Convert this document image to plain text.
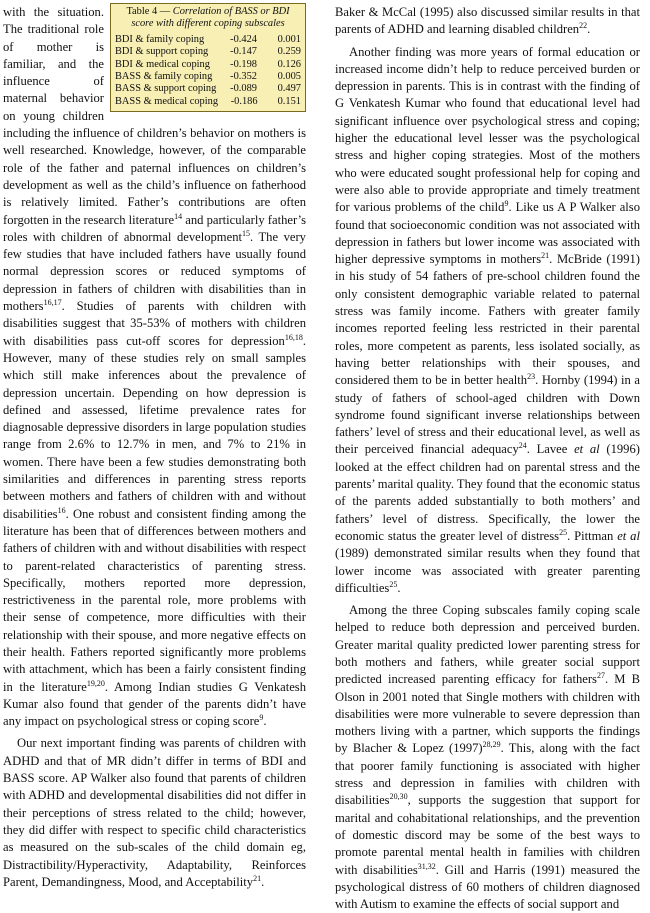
Table 4 — Correlation of BASS or BDI score with different coping subscales
BDI & family coping	-0.424	0.001
BDI & support coping	-0.147	0.259
BDI & medical coping	-0.198	0.126
BASS & family coping	-0.352	0.005
BASS & support coping	-0.089	0.497
BASS & medical coping	-0.186	0.151

with the situation. The traditional role of mother is familiar, and the influence of maternal behavior on young children including the influence of children’s behavior on mothers is well researched. Knowledge, however, of the comparable role of the father and paternal influences on children’s development as well as the child’s influence on fatherhood is relatively limited. Father’s contributions are often forgotten in the research literature$^{14}$ and particularly father’s roles with children of abnormal development$^{15}$. The very few studies that have included fathers have usually found normal depression scores or reduced symptoms of depression in fathers of children with disabilities than in mothers$^{16,17}$. Studies of parents with children with disabilities suggest that 35-53% of mothers with children with disabilities pass cut-off scores for depression$^{16,18}$. However, many of these studies rely on small samples which still make inferences about the prevalence of depression uncertain. Depending on how depression is defined and assessed, lifetime prevalence rates for diagnosable depressive disorders in large population studies range from 2.6% to 12.7% in men, and 7% to 21% in women. There have been a few studies demonstrating both similarities and differences in parenting stress reports between mothers and fathers of children with and without disabilities$^{16}$. One robust and consistent finding among the literature has been that of differences between mothers and fathers of children with and without disabilities with respect to parent-related characteristics of parenting stress. Specifically, mothers reported more depression, restrictiveness in the parental role, more problems with their sense of competence, more difficulties with their relationship with their spouse, and more negative effects on their health. Fathers reported significantly more problems with attachment, which has been a fairly consistent finding in the literature$^{19,20}$. Among Indian studies G Venkatesh Kumar also found that gender of the parents didn’t have any impact on psychological stress or coping score$^9$.

Our next important finding was parents of children with ADHD and that of MR didn’t differ in terms of BDI and BASS score. AP Walker also found that parents of children with ADHD and developmental disabilities did not differ in their perceptions of stress related to the child; however, they did differ with respect to specific child characteristics as measured on the sub-scales of the child domain eg, Distractibility/Hyperactivity, Adaptability, Reinforces Parent, Demandingness, Mood, and Acceptability$^{21}$.

Baker & McCal (1995) also discussed similar results in that parents of ADHD and learning disabled children$^{22}$.

Another finding was more years of formal education or increased income didn’t help to reduce perceived burden or depression in parents. This is in contrast with the finding of G Venkatesh Kumar who found that educational level had significant influence over psychological stress and coping; higher the educational level lesser was the psychological stress and higher coping strategies. Most of the mothers who were educated sought professional help for coping and were also able to provide appropriate and timely treatment for various problems of the child$^9$. Like us A P Walker also found that socioeconomic condition was not associated with depression in fathers but lower income was associated with higher depressive symptoms in mothers$^{21}$. McBride (1991) in his study of 54 fathers of pre-school children found the only consistent demographic variable related to paternal stress was family income. Fathers with greater family incomes reported feeling less restricted in their parental roles, more competent as parents, less isolated socially, as having better relationships with their spouses, and considered them to be in better health$^{23}$. Hornby (1994) in a study of fathers of school-aged children with Down syndrome found significant inverse relationships between fathers’ level of stress and their educational level, as well as their perceived financial adequacy$^{24}$. Lavee et al (1996) looked at the effect children had on parental stress and the parents’ marital quality. They found that the economic status of the parents added substantially to both mothers’ and fathers’ level of distress. Specifically, the lower the economic status the greater level of distress$^{25}$. Pittman et al (1989) demonstrated similar results when they found that lower income was associated with greater parenting difficulties$^{25}$.

Among the three Coping subscales family coping scale helped to reduce both depression and perceived burden. Greater marital quality predicted lower parenting stress for both mothers and fathers, while greater social support predicted increased parenting efficacy for fathers$^{27}$. M B Olson in 2001 noted that Single mothers with children with disabilities were more vulnerable to severe depression than mothers living with a partner, which supports the findings by Blacher & Lopez $(1997)^{28,29}$. This, along with the fact that poorer family functioning is associated with higher stress and depression in families with children with disabilities$^{20,30}$, supports the suggestion that support for marital and cohabitational relationships, and the prevention of domestic discord may be some of the best ways to promote parental mental health in families with children with disabilities$^{31,32}$. Gill and Harris (1991) measured the psychological distress of 60 mothers of children diagnosed with Autism to examine the effects of social support and
